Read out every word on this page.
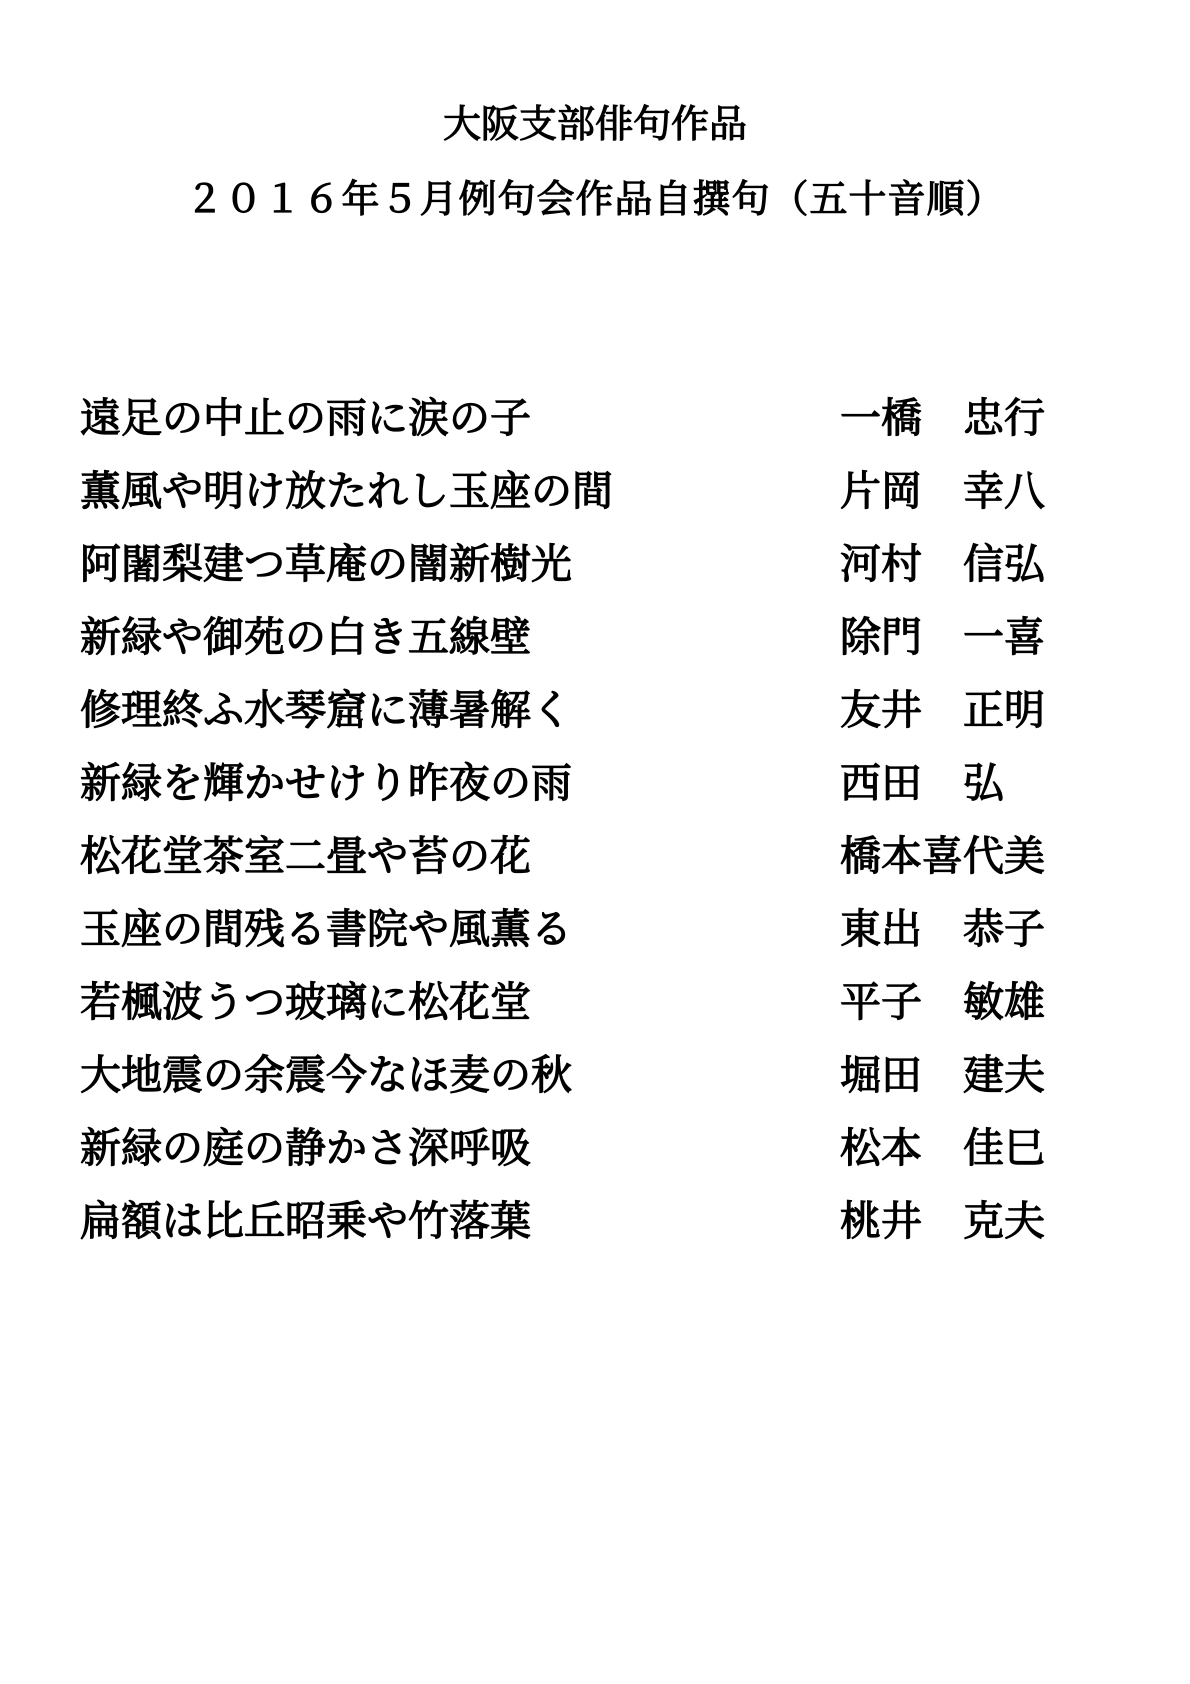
大阪支部俳句作品
２０１６年５月例句会作品自撰句（五十音順）
遠足の中止の雨に涙の子	一橋　忠行
薫風や明け放たれし玉座の間	片岡　幸八
阿闍梨建つ草庵の闇新樹光	河村　信弘
新緑や御苑の白き五線壁	除門　一喜
修理終ふ水琴窟に薄暑解く	友井　正明
新緑を輝かせけり昨夜の雨	西田　弘
松花堂茶室二畳や苔の花	橋本喜代美
玉座の間残る書院や風薫る	東出　恭子
若楓波うつ玻璃に松花堂	平子　敏雄
大地震の余震今なほ麦の秋	堀田　建夫
新緑の庭の静かさ深呼吸	松本　佳巳
扁額は比丘昭乗や竹落葉	桃井　克夫
